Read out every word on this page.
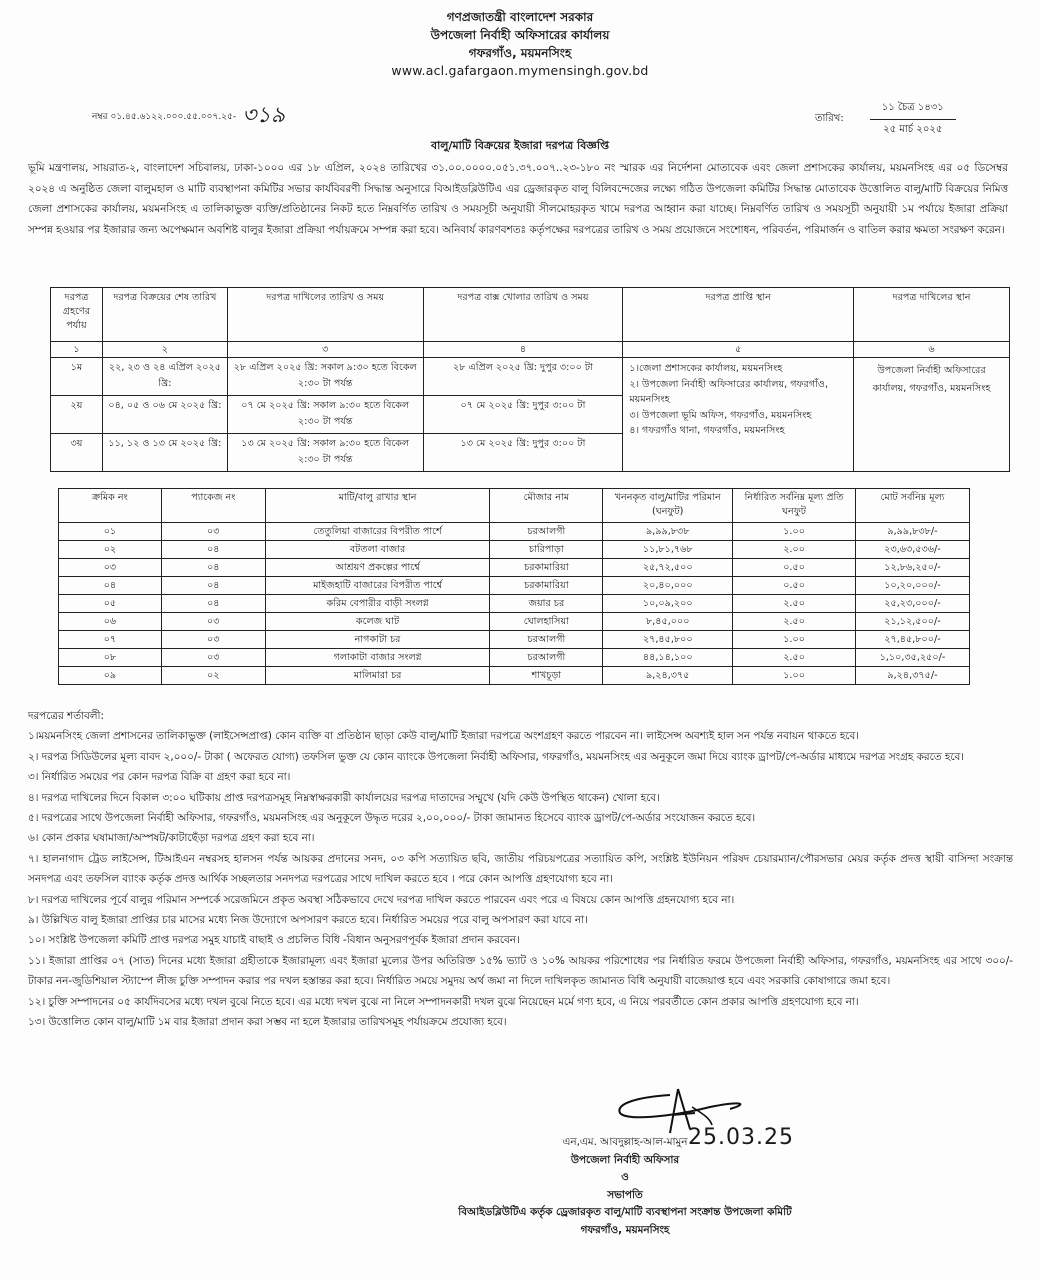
গণপ্রজাতন্ত্রী বাংলাদেশ সরকার
উপজেলা নির্বাহী অফিসারের কার্যালয়
গফরগাঁও, ময়মনসিংহ
www.acl.gafargaon.mymensingh.gov.bd
নম্বর ০১.৪৫.৬১২২.০০০.৫৫.০০৭.২৫- ৩১৯	তারিখ:
১১ চৈত্র ১৪৩১
২৫ মার্চ ২০২৫
বালু/মাটি বিক্রয়ের ইজারা দরপত্র বিজ্ঞপ্তি
ভূমি মন্ত্রণালয়, সায়রাত-২, বাংলাদেশ সচিবালয়, ঢাকা-১০০০ এর ১৮ এপ্রিল, ২০২৪ তারিখের ৩১.০০.০০০০.০৫১.৩৭.০০৭..২৩-১৮০ নং স্মারক এর নির্দেশনা মোতাবেক এবং জেলা প্রশাসকের কার্যালয়, ময়মনসিংহ এর ০৫ ডিসেম্বর ২০২৪ এ অনুষ্ঠিত জেলা বালুমহাল ও মাটি ব্যবস্থাপনা কমিটির সভার কার্যবিবরণী সিদ্ধান্ত অনুসারে বিআইডব্লিউটিএ এর ড্রেজারকৃত বালু বিলিবন্দেজের লক্ষ্যে গঠিত উপজেলা কমিটির সিদ্ধান্ত মোতাবেক উত্তোলিত বালু/মাটি বিক্রয়ের নিমিত্ত জেলা প্রশাসকের কার্যালয়, ময়মনসিংহ এ তালিকাভুক্ত ব্যক্তি/প্রতিষ্ঠানের নিকট হতে নিম্নবর্ণিত তারিখ ও সময়সূচী অনুযায়ী সীলমোহরকৃত খামে দরপত্র আহ্বান করা যাচ্ছে। নিম্নবর্ণিত তারিখ ও সময়সূচী অনুযায়ী ১ম পর্যায়ে ইজারা প্রক্রিয়া সম্পন্ন হওয়ার পর ইজারার জন্য অপেক্ষমান অবশিষ্ট বালুর ইজারা প্রক্রিয়া পর্যায়ক্রমে সম্পন্ন করা হবে। অনিবার্য কারণবশতঃ কর্তৃপক্ষের দরপত্রের তারিখ ও সময় প্রয়োজনে সংশোধন, পরিবর্তন, পরিমার্জন ও বাতিল করার ক্ষমতা সংরক্ষণ করেন।
দরপত্র গ্রহণের পর্যায়	দরপত্র বিক্রয়ের শেষ তারিখ	দরপত্র দাখিলের তারিখ ও সময়	দরপত্র বাক্স খোলার তারিখ ও সময়	দরপত্র প্রাপ্তি স্থান	দরপত্র দাখিলের স্থান
১	২	৩	৪	৫	৬
১ম	২২, ২৩ ও ২৪ এপ্রিল ২০২৫ খ্রি:	২৮ এপ্রিল ২০২৫ খ্রি: সকাল ৯:৩০ হতে বিকেল ২:৩০ টা পর্যন্ত	২৮ এপ্রিল ২০২৫ খ্রি: দুপুর ৩:০০ টা	১।জেলা প্রশাসকের কার্যালয়, ময়মনসিংহ
২। উপজেলা নির্বাহী অফিসারের কার্যালয়, গফরগাঁও, ময়মনসিংহ
৩। উপজেলা ভূমি অফিস, গফরগাঁও, ময়মনসিংহ
৪। গফরগাঁও থানা, গফরগাঁও, ময়মনসিংহ	উপজেলা নির্বাহী অফিসারের কার্যালয়, গফরগাঁও, ময়মনসিংহ
২য়	০৪, ০৫ ও ০৬ মে ২০২৫ খ্রি:	০৭ মে ২০২৫ খ্রি: সকাল ৯:৩০ হতে বিকেল ২:৩০ টা পর্যন্ত	০৭ মে ২০২৫ খ্রি: দুপুর ৩:০০ টা		
৩য়	১১, ১২ ও ১৩ মে ২০২৫ খ্রি:	১৩ মে ২০২৫ খ্রি: সকাল ৯:৩০ হতে বিকেল ২:৩০ টা পর্যন্ত	১৩ মে ২০২৫ খ্রি: দুপুর ৩:০০ টা		
ক্রমিক নং	প্যাকেজ নং	মাটি/বালু রাখার স্থান	মৌজার নাম	খননকৃত বালু/মাটির পরিমান (ঘনফুট)	নির্ধারিত সর্বনিম্ন মূল্য প্রতি ঘনফুট	মোট সর্বনিম্ন মূল্য
০১	০৩	তেতুলিয়া বাজারের বিপরীত পার্শে	চরআলগী	৯,৯৯,৮৩৮	১.০০	৯,৯৯,৮৩৮/-
০২	০৪	বটতলা বাজার	চারিপাড়া	১১,৮১,৭৬৮	২.০০	২৩,৬৩,৫৩৬/-
০৩	০৪	আশ্রয়ণ প্রকল্পের পার্শ্বে	চরকামারিয়া	২৫,৭২,৫০০	০.৫০	১২,৮৬,২৫০/-
০৪	০৪	মাইজহাটি বাজারের বিপরীত পার্শ্বে	চরকামারিয়া	২০,৪০,০০০	০.৫০	১০,২০,০০০/-
০৫	০৪	করিম বেপারীর বাড়ী সংলগ্ন	জয়ার চর	১০,০৯,২০০	২.৫০	২৫,২৩,০০০/-
০৬	০৩	কলেজ ঘাট	ঘোলহাসিয়া	৮,৪৫,০০০	২.৫০	২১,১২,৫০০/-
০৭	০৩	নাগকাটা চর	চরআলগী	২৭,৪৫,৮০০	১.০০	২৭,৪৫,৮০০/-
০৮	০৩	গলাকাটা বাজার সংলগ্ন	চরআলগী	৪৪,১৪,১০০	২.৫০	১,১০,৩৫,২৫০/-
০৯	০২	মালিমারা চর	শাখচূড়া	৯,২৪,৩৭৫	১.০০	৯,২৪,৩৭৫/-
দরপত্রের শর্তাবলী:
১।ময়মনসিংহ জেলা প্রশাসনের তালিকাভুক্ত (লাইসেন্সপ্রাপ্ত) কোন ব্যক্তি বা প্রতিষ্ঠান ছাড়া কেউ বালু/মাটি ইজারা দরপত্রে অংশগ্রহণ করতে পারবেন না। লাইসেন্স অবশ্যই হাল সন পর্যন্ত নবায়ন থাকতে হবে।
২। দরপত্র সিডিউলের মূল্য বাবদ ২,০০০/- টাকা ( অফেরত যোগ্য) তফসিল ভুক্ত যে কোন ব্যাংকে উপজেলা নির্বাহী অফিসার, গফরগাঁও, ময়মনসিংহ এর অনুকূলে জমা দিয়ে ব্যাংক ড্রাপট/পে-অর্ডার মাধ্যমে দরপত্র সংগ্রহ করতে হবে।
৩। নির্ধারিত সময়ের পর কোন দরপত্র বিক্রি বা গ্রহণ করা হবে না।
৪। দরপত্র দাখিলের দিনে বিকাল ৩:০০ ঘটিকায় প্রাপ্ত দরপত্রসমূহ নিম্নস্বাক্ষরকারী কার্যালয়ের দরপত্র দাতাদের সম্মুখে (যদি কেউ উপস্থিত থাকেন) খোলা হবে।
৫। দরপত্রের সাথে উপজেলা নির্বাহী অফিসার, গফরগাঁও, ময়মনসিংহ এর অনুকূলে উদ্ধৃত দরের ২,০০,০০০/- টাকা জামানত হিসেবে ব্যাংক ড্রাপট/পে-অর্ডার সংযোজন করতে হবে।
৬। কোন প্রকার ঘষামাজা/অস্পষট/কাটাছেঁড়া দরপত্র গ্রহণ করা হবে না।
৭। হালনাগাদ ট্রেড লাইসেন্স, টিআইএন নম্বরসহ হালসন পর্যন্ত আয়কর প্রদানের সনদ, ০৩ কপি সত্যায়িত ছবি, জাতীয় পরিচয়পত্রের সত্যায়িত কপি, সংশ্লিষ্ট ইউনিয়ন পরিষদ চেয়ারম্যান/পৌরসভার মেয়র কর্তৃক প্রদত্ত স্থায়ী বাসিন্দা সংক্রান্ত সনদপত্র এবং তফসিল ব্যাংক কর্তৃক প্রদত্ত আর্থিক সচ্ছলতার সনদপত্র দরপত্রের সাথে দাখিল করতে হবে । পরে কোন আপত্তি গ্রহণযোগ্য হবে না।
৮। দরপত্র দাখিলের পূর্বে বালুর পরিমান সম্পর্কে সরেজমিনে প্রকৃত অবস্থা সঠিকভাবে দেখে দরপত্র দাখিল করতে পারবেন এবং পরে এ বিষয়ে কোন আপত্তি গ্রহনযোগ্য হবে না।
৯। উল্লিখিত বালু ইজারা প্রাপ্তির চার মাসের মধ্যে নিজ উদ্যোগে অপসারণ করতে হবে। নির্ধারিত সময়ের পরে বালু অপসারণ করা যাবে না।
১০। সংশ্লিষ্ট উপজেলা কমিটি প্রাপ্ত দরপত্র সমুহ যাচাই বাছাই ও প্রচলিত বিধি -বিধান অনুসরণপূর্বক ইজারা প্রদান করবেন।
১১। ইজারা প্রাপ্তির ০৭ (সাত) দিনের মধ্যে ইজারা গ্রহীতাকে ইজারামূল্য এবং ইজারা মুল্যের উপর অতিরিক্ত ১৫% ভ্যাট ও ১০% আয়কর পরিশোধের পর নির্ধারিত ফরমে উপজেলা নির্বাহী অফিসার, গফরগাঁও, ময়মনসিংহ এর সাথে ৩০০/- টাকার নন-জুডিশিয়াল স্ট্যাম্পে লীজ চুক্তি সম্পাদন করার পর দখল হস্তান্তর করা হবে। নির্ধারিত সময়ে সমুদয় অর্থ জমা না দিলে দাখিলকৃত জামানত বিধি অনুযায়ী বাজেয়াপ্ত হবে এবং সরকারি কোষাগারে জমা হবে।
১২। চুক্তি সম্পাদনের ০৫ কার্যদিবসের মধ্যে দখল বুঝে নিতে হবে। এর মধ্যে দখল বুঝে না নিলে সম্পাদনকারী দখল বুঝে নিয়েছেন মর্মে গণ্য হবে, এ নিয়ে পরবর্তীতে কোন প্রকার আপত্তি গ্রহণযোগ্য হবে না।
১৩। উত্তোলিত কোন বালু/মাটি ১ম বার ইজারা প্রদান করা সম্ভব না হলে ইজারার তারিখসমূহ পর্যায়ক্রমে প্রযোজ্য হবে।
25.03.25
এন,এম. আবদুল্লাহ-আল-মামুন
উপজেলা নির্বাহী অফিসার
ও
সভাপতি
বিআইডব্লিউটিএ কর্তৃক ড্রেজারকৃত বালু/মাটি ব্যবস্থাপনা সংক্রান্ত উপজেলা কমিটি
গফরগাঁও, ময়মনসিংহ
